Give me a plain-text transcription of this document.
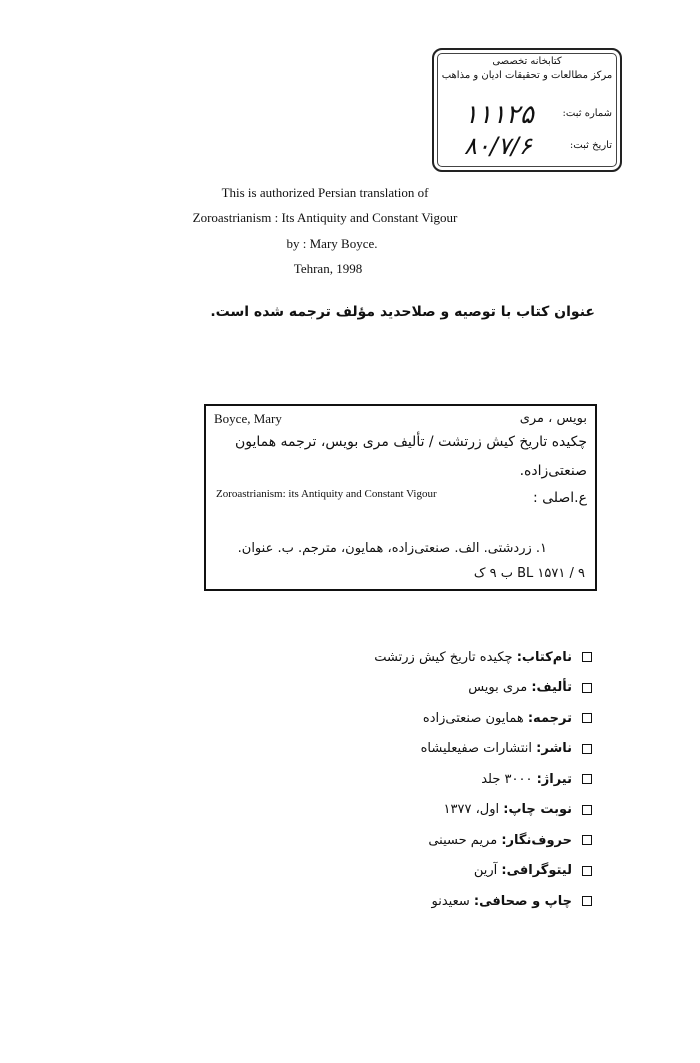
کتابخانه تخصصی
مرکز مطالعات و تحقیقات ادیان و مذاهب
شماره ثبت:
۱۱۱۲۵
تاریخ ثبت:
۸۰/۷/۶
This is authorized Persian translation of
Zoroastrianism : Its Antiquity and Constant Vigour
by : Mary Boyce.
Tehran, 1998
عنوان کتاب با توصیه و صلاحدید مؤلف ترجمه شده است.
بویس ، مری
Boyce, Mary
چکیده تاریخ کیش زرتشت / تألیف مری بویس، ترجمه همایون
صنعتی‌زاده.
ع.اصلی :
Zoroastrianism: its Antiquity and Constant Vigour
۱. زردشتی. الف. صنعتی‌زاده، همایون، مترجم. ب. عنوان.
BL ۱۵۷۱ / ۹ ب ۹ ک
نام‌کتاب:

چکیده تاریخ کیش زرتشت
تألیف:

مری بویس
ترجمه:

همایون صنعتی‌زاده
ناشر:

انتشارات صفیعلیشاه
تیراژ:

۳۰۰۰ جلد
نوبت چاپ:

اول، ۱۳۷۷
حروف‌نگار:

مریم حسینی
لیتوگرافی:

آرین
چاپ و صحافی:

سعیدنو
